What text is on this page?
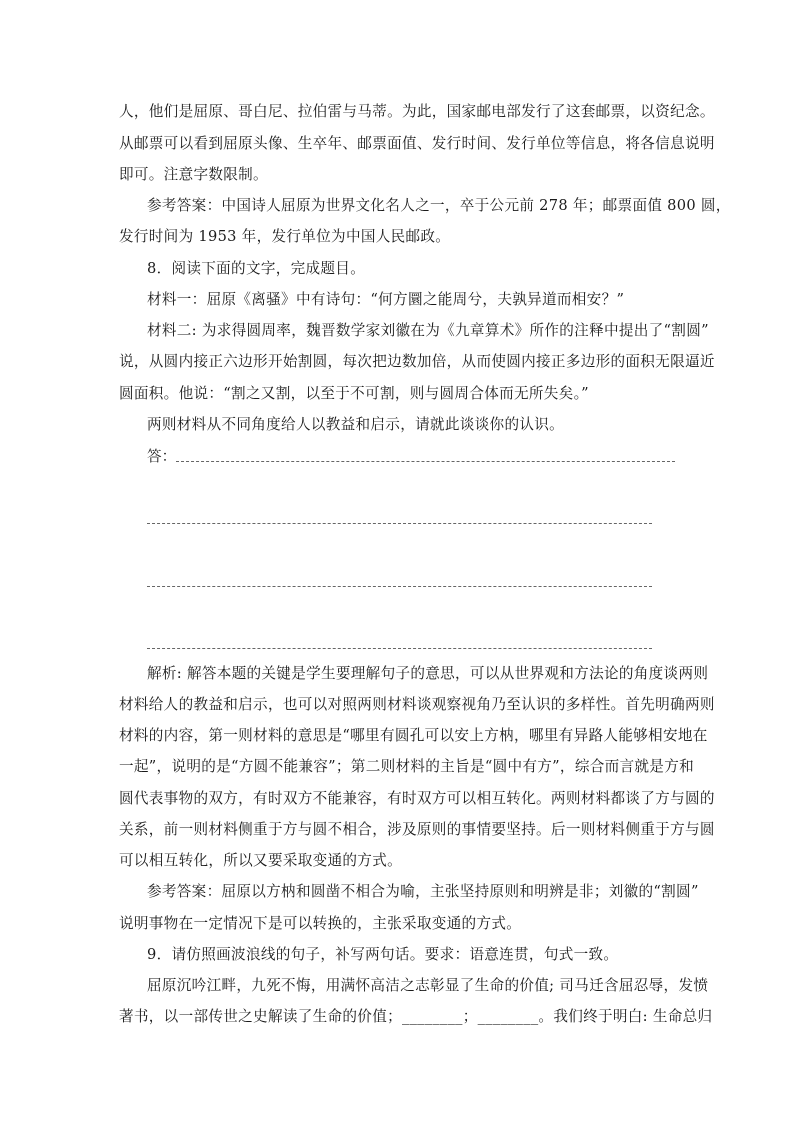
人，他们是屈原、哥白尼、拉伯雷与马蒂。为此，国家邮电部发行了这套邮票，以资纪念。
从邮票可以看到屈原头像、生卒年、邮票面值、发行时间、发行单位等信息，将各信息说明
即可。注意字数限制。
参考答案：中国诗人屈原为世界文化名人之一，卒于公元前 278 年；邮票面值 800 圆，
发行时间为 1953 年，发行单位为中国人民邮政。
8．阅读下面的文字，完成题目。
材料一：屈原《离骚》中有诗句：“何方圜之能周兮，夫孰异道而相安？”
材料二: 为求得圆周率，魏晋数学家刘徽在为《九章算术》所作的注释中提出了“割圆”
说，从圆内接正六边形开始割圆，每次把边数加倍，从而使圆内接正多边形的面积无限逼近
圆面积。他说：“割之又割，以至于不可割，则与圆周合体而无所失矣。”
两则材料从不同角度给人以教益和启示，请就此谈谈你的认识。
答：
解析: 解答本题的关键是学生要理解句子的意思，可以从世界观和方法论的角度谈两则
材料给人的教益和启示，也可以对照两则材料谈观察视角乃至认识的多样性。首先明确两则
材料的内容，第一则材料的意思是“哪里有圆孔可以安上方枘，哪里有异路人能够相安地在
一起”，说明的是“方圆不能兼容”；第二则材料的主旨是“圆中有方”，综合而言就是方和
圆代表事物的双方，有时双方不能兼容，有时双方可以相互转化。两则材料都谈了方与圆的
关系，前一则材料侧重于方与圆不相合，涉及原则的事情要坚持。后一则材料侧重于方与圆
可以相互转化，所以又要采取变通的方式。
参考答案：屈原以方枘和圆凿不相合为喻，主张坚持原则和明辨是非；刘徽的“割圆”
说明事物在一定情况下是可以转换的，主张采取变通的方式。
9．请仿照画波浪线的句子，补写两句话。要求：语意连贯，句式一致。
屈原沉吟江畔，九死不悔，用满怀高洁之志彰显了生命的价值; 司马迁含屈忍辱，发愤
著书，以一部传世之史解读了生命的价值；________；________。我们终于明白: 生命总归
